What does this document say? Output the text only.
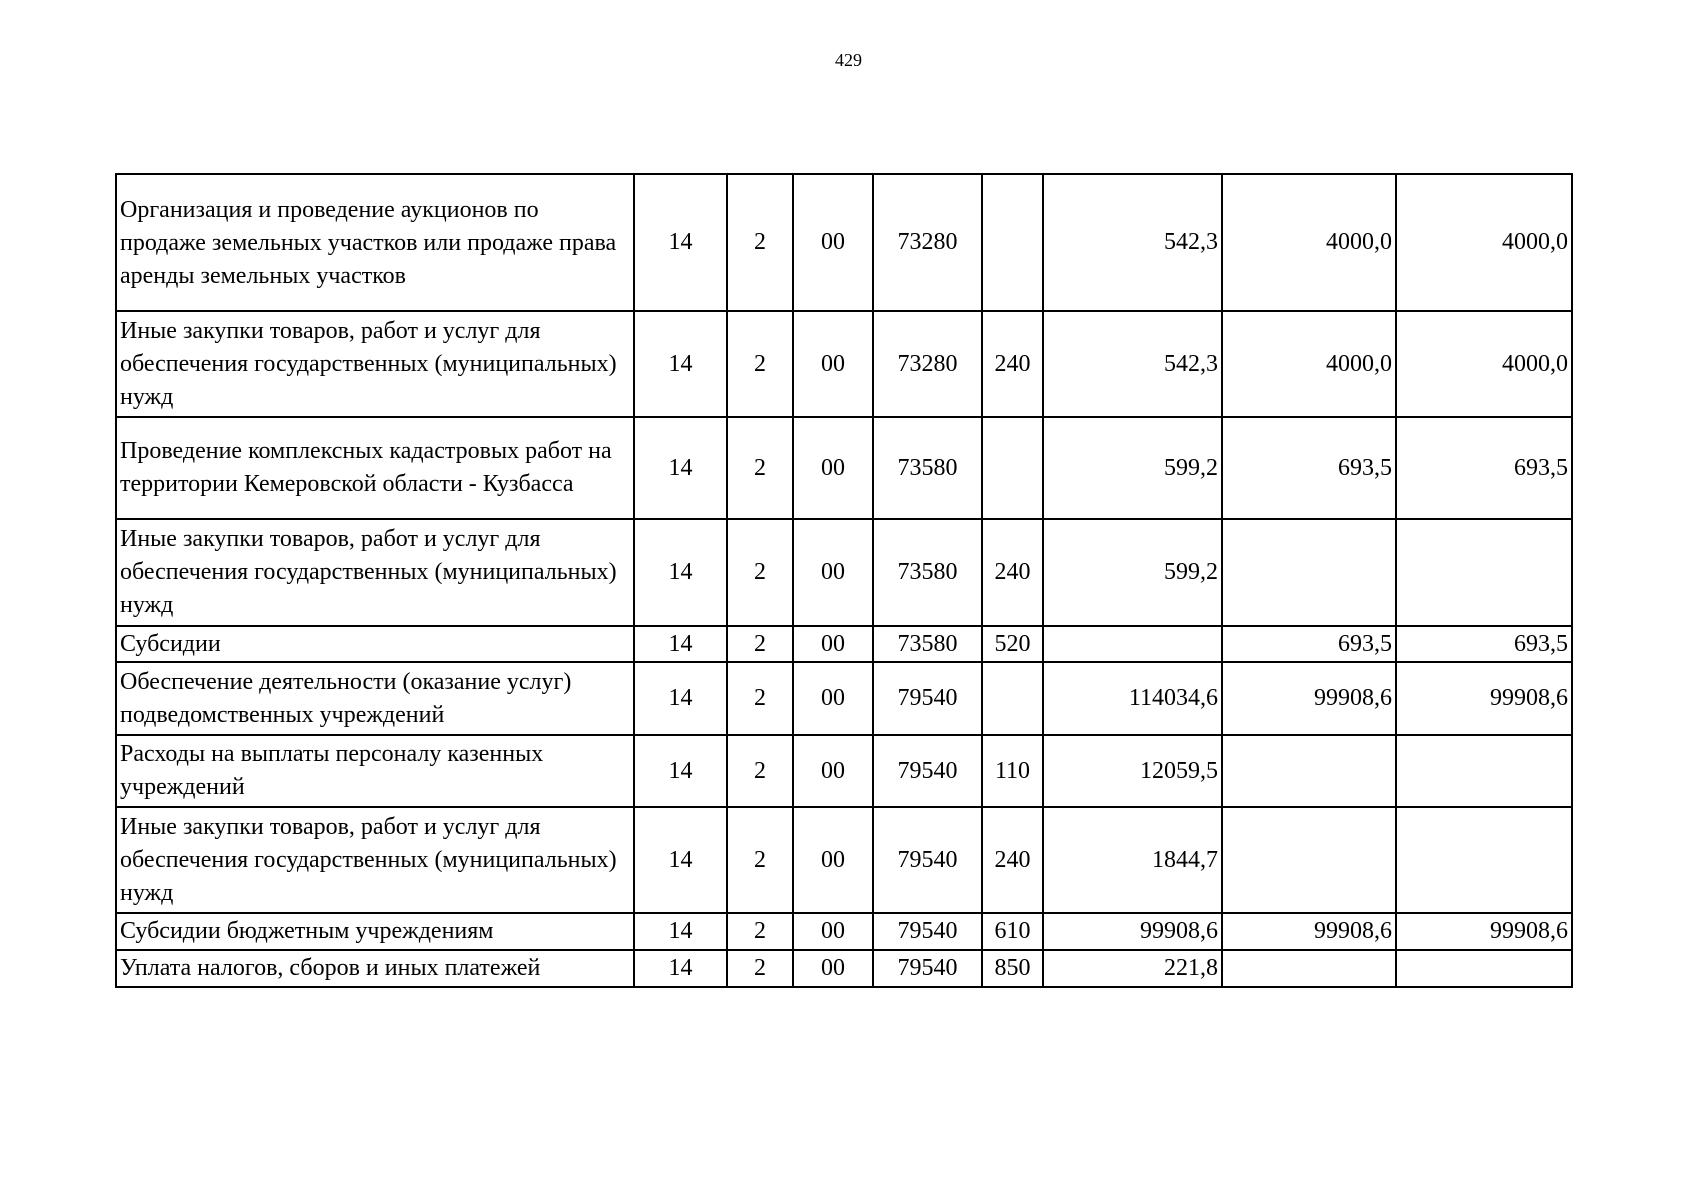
429
Организация и проведение аукционов по продаже земельных участков или продаже права аренды земельных участков	14	2	00	73280		542,3	4000,0	4000,0
Иные закупки товаров, работ и услуг для обеспечения государственных (муниципальных) нужд	14	2	00	73280	240	542,3	4000,0	4000,0
Проведение комплексных кадастровых работ на территории Кемеровской области - Кузбасса	14	2	00	73580		599,2	693,5	693,5
Иные закупки товаров, работ и услуг для обеспечения государственных (муниципальных) нужд	14	2	00	73580	240	599,2		
Субсидии	14	2	00	73580	520		693,5	693,5
Обеспечение деятельности (оказание услуг) подведомственных учреждений	14	2	00	79540		114034,6	99908,6	99908,6
Расходы на выплаты персоналу казенных учреждений	14	2	00	79540	110	12059,5		
Иные закупки товаров, работ и услуг для обеспечения государственных (муниципальных) нужд	14	2	00	79540	240	1844,7		
Субсидии бюджетным учреждениям	14	2	00	79540	610	99908,6	99908,6	99908,6
Уплата налогов, сборов и иных платежей	14	2	00	79540	850	221,8		
